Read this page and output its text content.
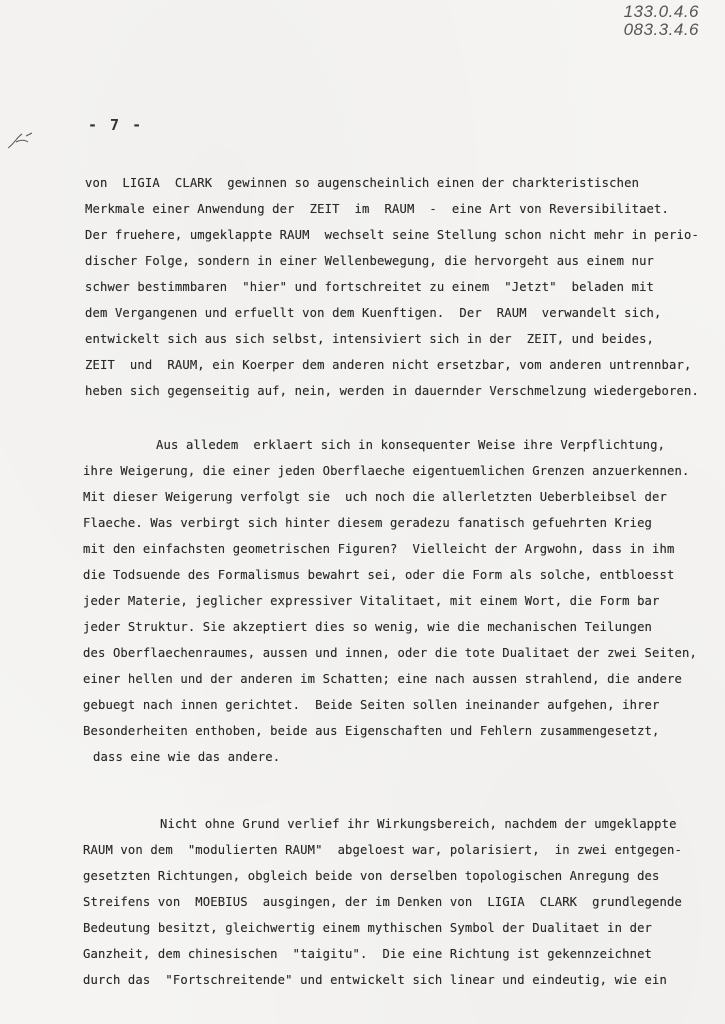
133.0.4.6
083.3.4.6
- 7 -
von  LIGIA  CLARK  gewinnen so augenscheinlich einen der charkteristischen
Merkmale einer Anwendung der  ZEIT  im  RAUM  -  eine Art von Reversibilitaet.
Der fruehere, umgeklappte RAUM  wechselt seine Stellung schon nicht mehr in perio-
discher Folge, sondern in einer Wellenbewegung, die hervorgeht aus einem nur
schwer bestimmbaren  "hier" und fortschreitet zu einem  "Jetzt"  beladen mit
dem Vergangenen und erfuellt von dem Kuenftigen.  Der  RAUM  verwandelt sich,
entwickelt sich aus sich selbst, intensiviert sich in der  ZEIT, und beides,
ZEIT  und  RAUM, ein Koerper dem anderen nicht ersetzbar, vom anderen untrennbar,
heben sich gegenseitig auf, nein, werden in dauernder Verschmelzung wiedergeboren.
Aus alledem  erklaert sich in konsequenter Weise ihre Verpflichtung,
ihre Weigerung, die einer jeden Oberflaeche eigentuemlichen Grenzen anzuerkennen.
Mit dieser Weigerung verfolgt sie  uch noch die allerletzten Ueberbleibsel der
Flaeche. Was verbirgt sich hinter diesem geradezu fanatisch gefuehrten Krieg
mit den einfachsten geometrischen Figuren?  Vielleicht der Argwohn, dass in ihm
die Todsuende des Formalismus bewahrt sei, oder die Form als solche, entbloesst
jeder Materie, jeglicher expressiver Vitalitaet, mit einem Wort, die Form bar
jeder Struktur. Sie akzeptiert dies so wenig, wie die mechanischen Teilungen
des Oberflaechenraumes, aussen und innen, oder die tote Dualitaet der zwei Seiten,
einer hellen und der anderen im Schatten; eine nach aussen strahlend, die andere
gebuegt nach innen gerichtet.  Beide Seiten sollen ineinander aufgehen, ihrer
Besonderheiten enthoben, beide aus Eigenschaften und Fehlern zusammengesetzt,
dass eine wie das andere.
Nicht ohne Grund verlief ihr Wirkungsbereich, nachdem der umgeklappte
RAUM von dem  "modulierten RAUM"  abgeloest war, polarisiert,  in zwei entgegen-
gesetzten Richtungen, obgleich beide von derselben topologischen Anregung des
Streifens von  MOEBIUS  ausgingen, der im Denken von  LIGIA  CLARK  grundlegende
Bedeutung besitzt, gleichwertig einem mythischen Symbol der Dualitaet in der
Ganzheit, dem chinesischen  "taigitu".  Die eine Richtung ist gekennzeichnet
durch das  "Fortschreitende" und entwickelt sich linear und eindeutig, wie ein
